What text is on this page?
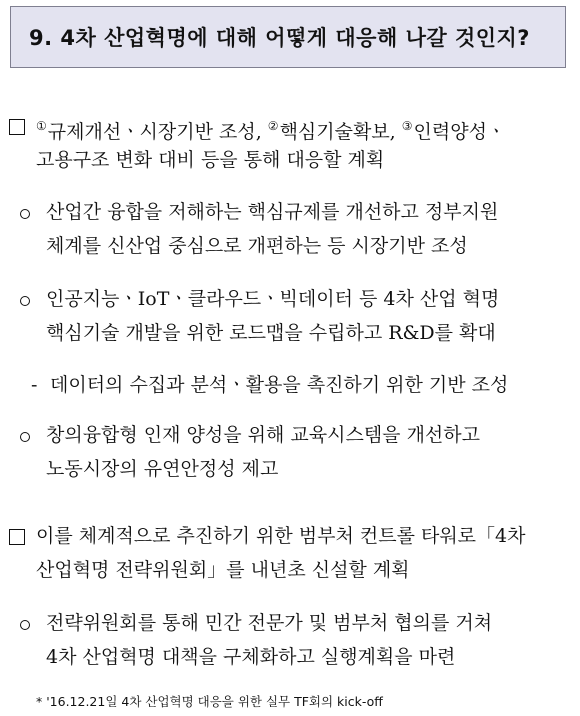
9. 4차 산업혁명에 대해 어떻게 대응해 나갈 것인지?
①규제개선ㆍ시장기반 조성, ②핵심기술확보, ③인력양성ㆍ
고용구조 변화 대비 등을 통해 대응할 계획
산업간 융합을 저해하는 핵심규제를 개선하고 정부지원
체계를 신산업 중심으로 개편하는 등 시장기반 조성
인공지능ㆍIoTㆍ클라우드ㆍ빅데이터 등 4차 산업 혁명
핵심기술 개발을 위한 로드맵을 수립하고 R&D를 확대
- 데이터의 수집과 분석ㆍ활용을 촉진하기 위한 기반 조성
창의융합형 인재 양성을 위해 교육시스템을 개선하고
노동시장의 유연안정성 제고
이를 체계적으로 추진하기 위한 범부처 컨트롤 타워로「4차
산업혁명 전략위원회」를 내년초 신설할 계획
전략위원회를 통해 민간 전문가 및 범부처 협의를 거쳐
4차 산업혁명 대책을 구체화하고 실행계획을 마련
* '16.12.21일 4차 산업혁명 대응을 위한 실무 TF회의 kick-off
